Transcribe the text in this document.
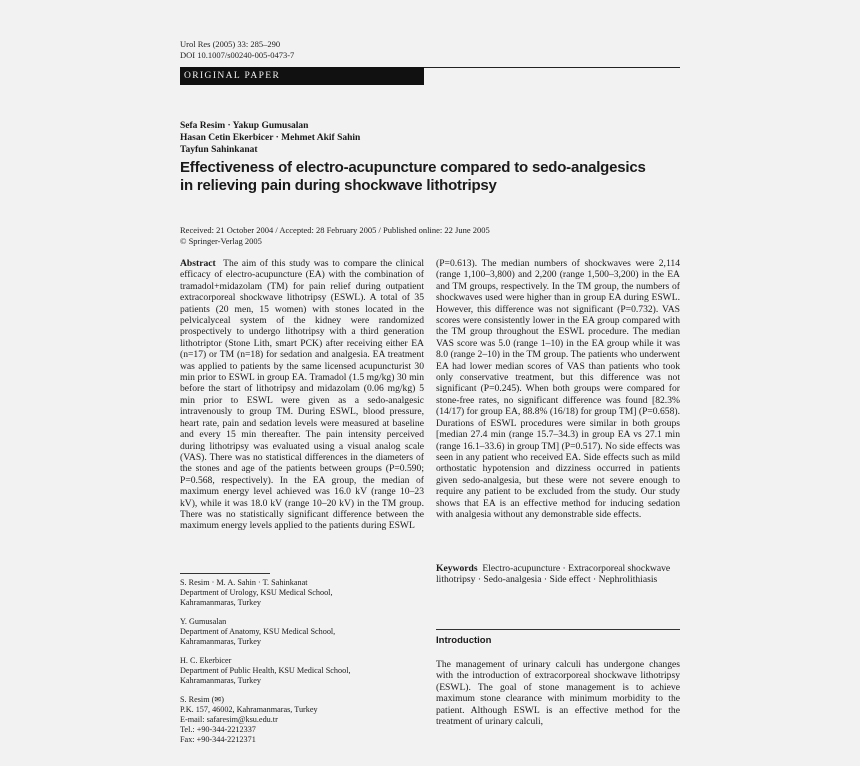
Urol Res (2005) 33: 285–290
DOI 10.1007/s00240-005-0473-7
ORIGINAL PAPER
Sefa Resim · Yakup Gumusalan
Hasan Cetin Ekerbicer · Mehmet Akif Sahin
Tayfun Sahinkanat
Effectiveness of electro-acupuncture compared to sedo-analgesics
in relieving pain during shockwave lithotripsy
Received: 21 October 2004 / Accepted: 28 February 2005 / Published online: 22 June 2005
© Springer-Verlag 2005

Abstract The aim of this study was to compare the clinical efficacy of electro-acupuncture (EA) with the combination of tramadol+midazolam (TM) for pain relief during outpatient extracorporeal shockwave lithotripsy (ESWL). A total of 35 patients (20 men, 15 women) with stones located in the pelvicalyceal system of the kidney were randomized prospectively to undergo lithotripsy with a third generation lithotriptor (Stone Lith, smart PCK) after receiving either EA (n=17) or TM (n=18) for sedation and analgesia. EA treatment was applied to patients by the same licensed acupuncturist 30 min prior to ESWL in group EA. Tramadol (1.5 mg/kg) 30 min before the start of lithotripsy and midazolam (0.06 mg/kg) 5 min prior to ESWL were given as a sedo-analgesic intravenously to group TM. During ESWL, blood pressure, heart rate, pain and sedation levels were measured at baseline and every 15 min thereafter. The pain intensity perceived during lithotripsy was evaluated using a visual analog scale (VAS). There was no statistical differences in the diameters of the stones and age of the patients between groups (P=0.590; P=0.568, respectively). In the EA group, the median of maximum energy level achieved was 16.0 kV (range 10–23 kV), while it was 18.0 kV (range 10–20 kV) in the TM group. There was no statistically significant difference between the maximum energy levels applied to the patients during ESWL

S. Resim · M. A. Sahin · T. Sahinkanat
Department of Urology, KSU Medical School,
Kahramanmaras, Turkey
Y. Gumusalan
Department of Anatomy, KSU Medical School,
Kahramanmaras, Turkey
H. C. Ekerbicer
Department of Public Health, KSU Medical School,
Kahramanmaras, Turkey
S. Resim (✉)
P.K. 157, 46002, Kahramanmaras, Turkey
E-mail: safaresim@ksu.edu.tr
Tel.: +90-344-2212337
Fax: +90-344-2212371

(P=0.613). The median numbers of shockwaves were 2,114 (range 1,100–3,800) and 2,200 (range 1,500–3,200) in the EA and TM groups, respectively. In the TM group, the numbers of shockwaves used were higher than in group EA during ESWL. However, this difference was not significant (P=0.732). VAS scores were consistently lower in the EA group compared with the TM group throughout the ESWL procedure. The median VAS score was 5.0 (range 1–10) in the EA group while it was 8.0 (range 2–10) in the TM group. The patients who underwent EA had lower median scores of VAS than patients who took only conservative treatment, but this difference was not significant (P=0.245). When both groups were compared for stone-free rates, no significant difference was found [82.3% (14/17) for group EA, 88.8% (16/18) for group TM] (P=0.658). Durations of ESWL procedures were similar in both groups [median 27.4 min (range 15.7–34.3) in group EA vs 27.1 min (range 16.1–33.6) in group TM] (P=0.517). No side effects was seen in any patient who received EA. Side effects such as mild orthostatic hypotension and dizziness occurred in patients given sedo-analgesia, but these were not severe enough to require any patient to be excluded from the study. Our study shows that EA is an effective method for inducing sedation with analgesia without any demonstrable side effects.

Keywords Electro-acupuncture · Extracorporeal shockwave lithotripsy · Sedo-analgesia · Side effect · Nephrolithiasis
Introduction
The management of urinary calculi has undergone changes with the introduction of extracorporeal shockwave lithotripsy (ESWL). The goal of stone management is to achieve maximum stone clearance with minimum morbidity to the patient. Although ESWL is an effective method for the treatment of urinary calculi,
